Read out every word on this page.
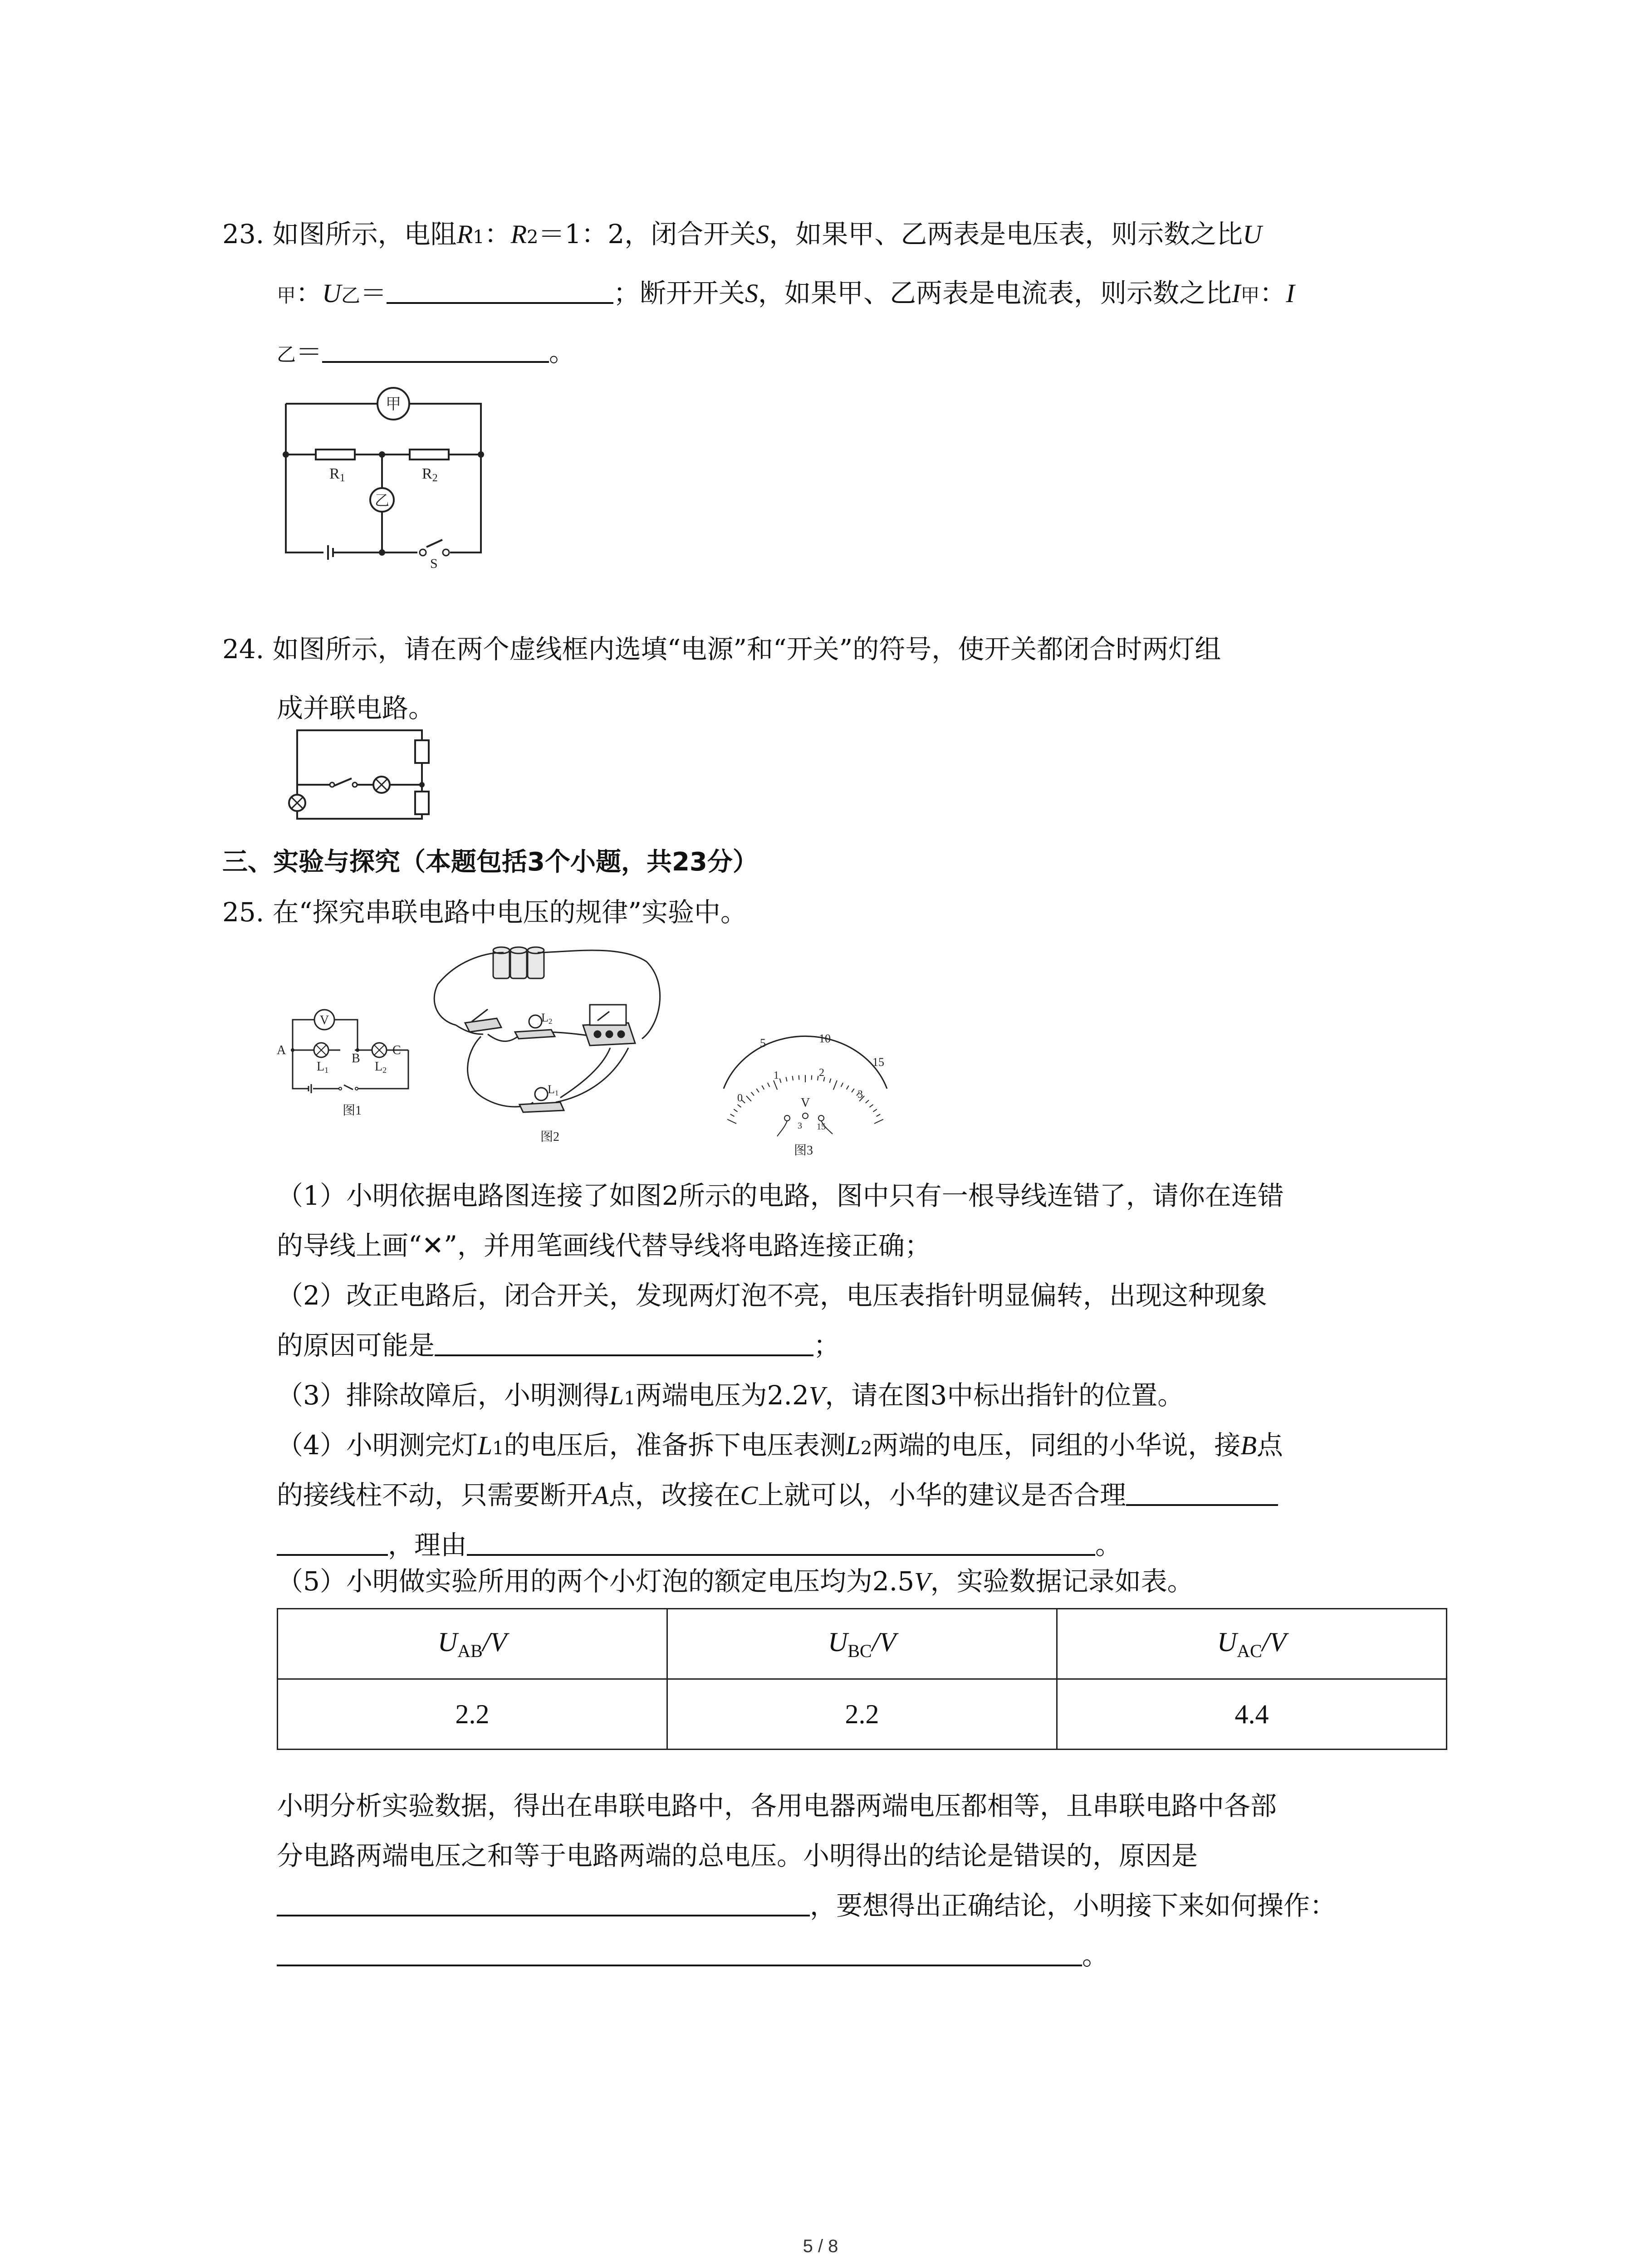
23. 如图所示，电阻R1：R2＝1：2，闭合开关S，如果甲、乙两表是电压表，则示数之比U
甲：U乙＝	；断开开关S，如果甲、乙两表是电流表，则示数之比I甲：I
乙＝	。
甲
乙
R1	R2
S
24. 如图所示，请在两个虚线框内选填“电源”和“开关”的符号，使开关都闭合时两灯组
成并联电路。
三、实验与探究（本题包括3个小题，共23分）
25. 在“探究串联电路中电压的规律”实验中。
V
A
B
C
L1	L2
图1
L2
L1
图2
5	10
15
0
1	2
3
V
3 15
图3
（1）小明依据电路图连接了如图2所示的电路，图中只有一根导线连错了，请你在连错
的导线上画“✕”，并用笔画线代替导线将电路连接正确；
（2）改正电路后，闭合开关，发现两灯泡不亮，电压表指针明显偏转，出现这种现象
的原因可能是	；
（3）排除故障后，小明测得L1两端电压为2.2V，请在图3中标出指针的位置。
（4）小明测完灯L1的电压后，准备拆下电压表测L2两端的电压，同组的小华说，接B点
的接线柱不动，只需要断开A点，改接在C上就可以，小华的建议是否合理
，理由	。
（5）小明做实验所用的两个小灯泡的额定电压均为2.5V，实验数据记录如表。
$U_{AB}/V$	$U_{BC}/V$	$U_{AC}/V$
2.2	2.2	4.4
小明分析实验数据，得出在串联电路中，各用电器两端电压都相等，且串联电路中各部
分电路两端电压之和等于电路两端的总电压。小明得出的结论是错误的，原因是
，要想得出正确结论，小明接下来如何操作：
。
5 / 8
